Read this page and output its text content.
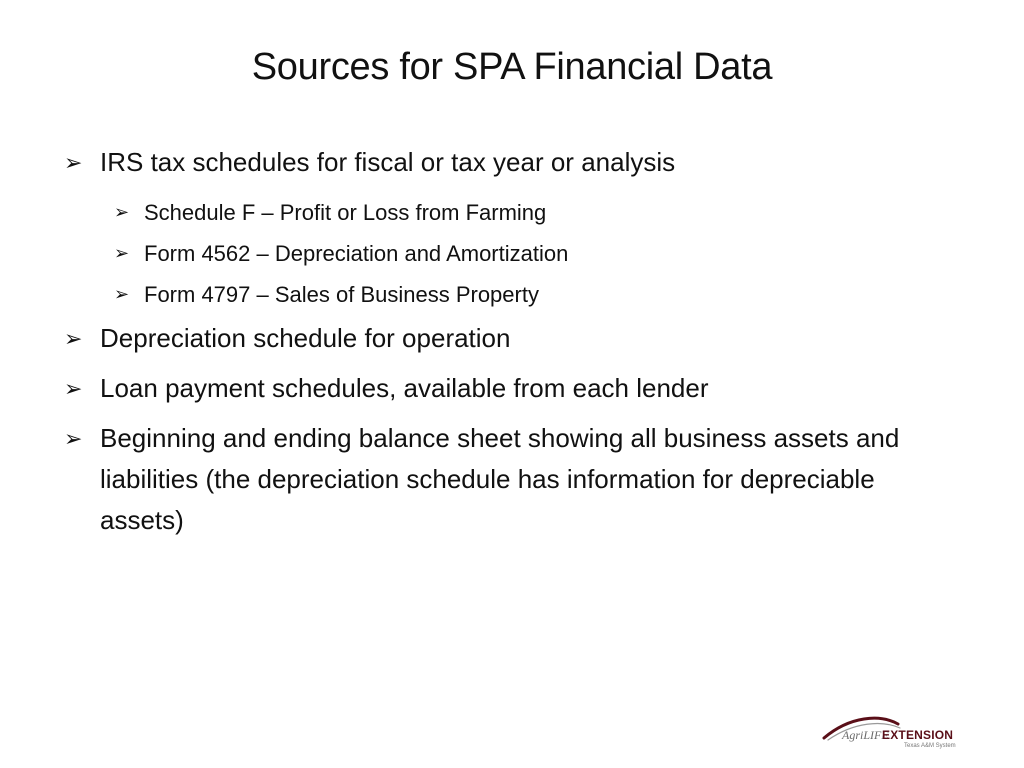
Sources for SPA Financial Data
➢ IRS tax schedules for fiscal or tax year or analysis
➢ Schedule F – Profit or Loss from Farming
➢ Form 4562 – Depreciation and Amortization
➢ Form 4797 – Sales of Business Property
➢ Depreciation schedule for operation
➢ Loan payment schedules, available from each lender
➢ Beginning and ending balance sheet showing all business assets and liabilities (the depreciation schedule has information for depreciable assets)
AgriLIFE
EXTENSION
Texas A&M System
